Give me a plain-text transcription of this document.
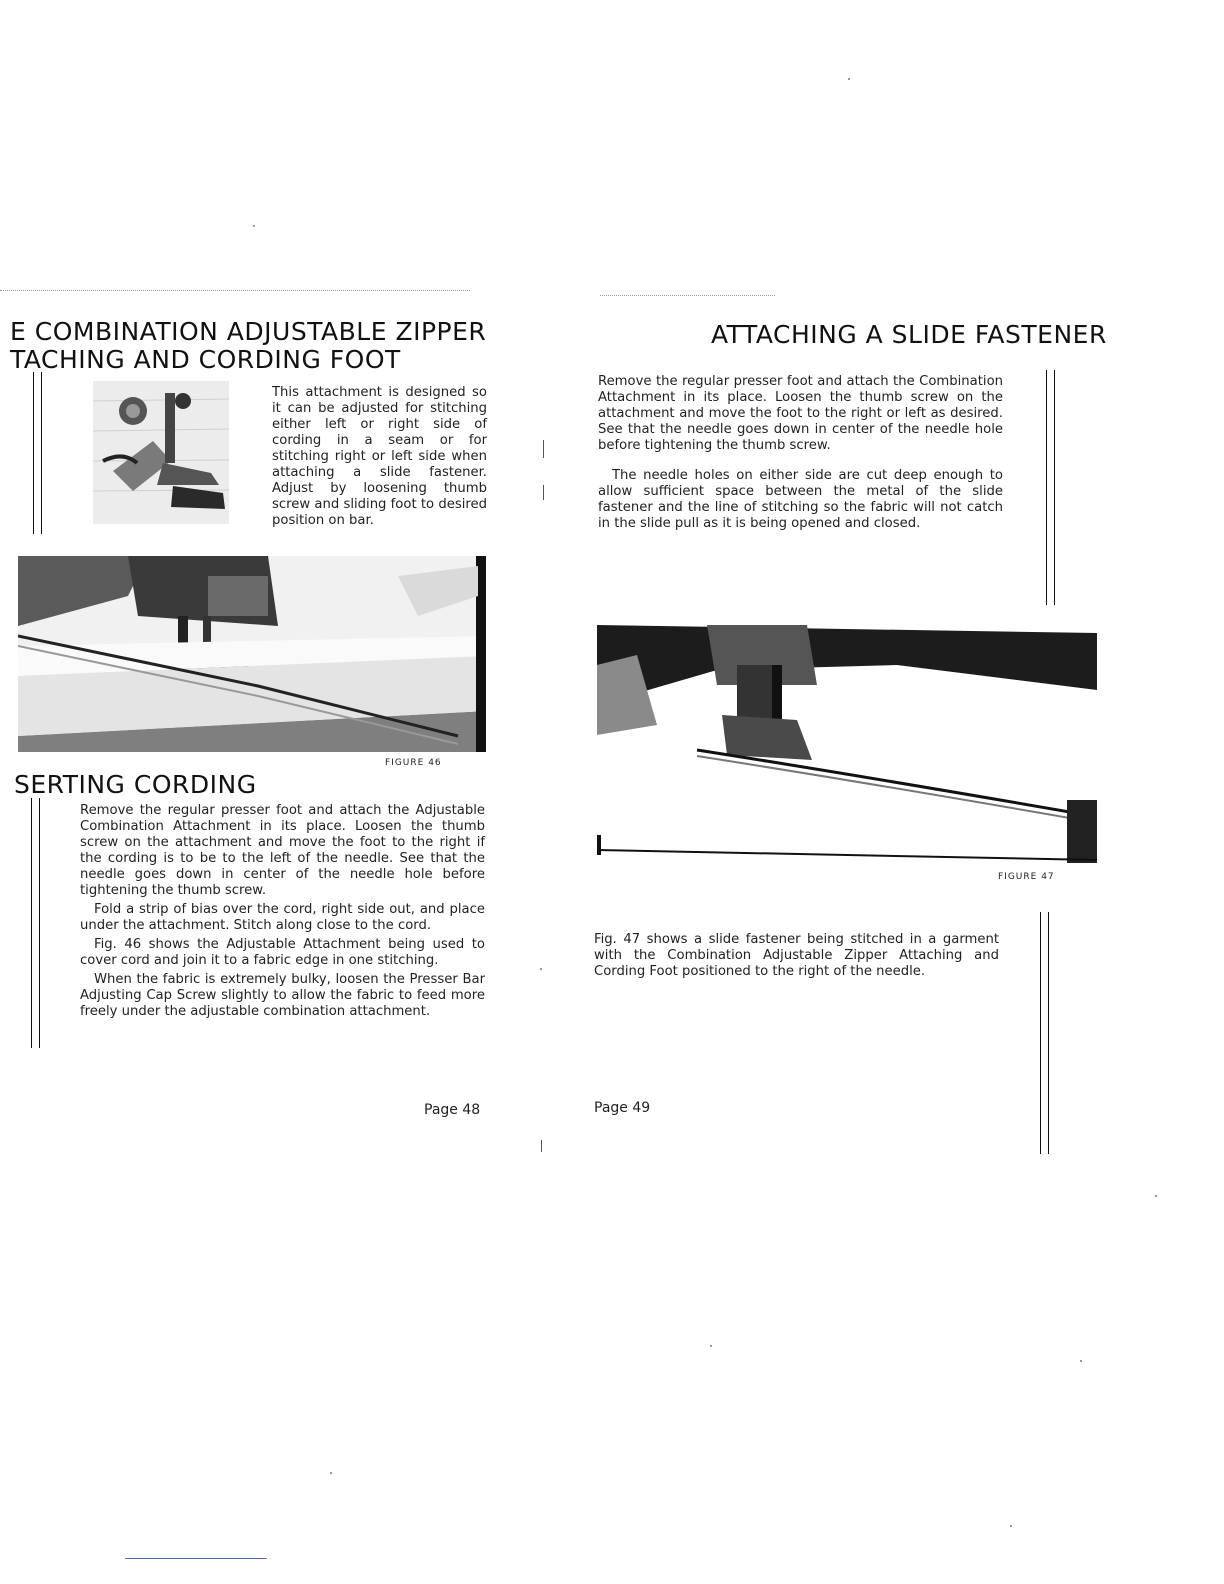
E COMBINATION ADJUSTABLE ZIPPER
TACHING AND CORDING FOOT

This attachment is designed so it can be adjusted for stitching either left or right side of cording in a seam or for stitching right or left side when attaching a slide fastener. Adjust by loosening thumb screw and sliding foot to desired position on bar.

FIGURE 46
SERTING CORDING

Remove the regular presser foot and attach the Adjustable Combination Attachment in its place. Loosen the thumb screw on the attachment and move the foot to the right if the cording is to be to the left of the needle. See that the needle goes down in center of the needle hole before tightening the thumb screw.

Fold a strip of bias over the cord, right side out, and place under the attachment. Stitch along close to the cord.

Fig. 46 shows the Adjustable Attachment being used to cover cord and join it to a fabric edge in one stitching.

When the fabric is extremely bulky, loosen the Presser Bar Adjusting Cap Screw slightly to allow the fabric to feed more freely under the adjustable combination attachment.

Page 48
ATTACHING A SLIDE FASTENER

Remove the regular presser foot and attach the Combination Attachment in its place. Loosen the thumb screw on the attachment and move the foot to the right or left as desired. See that the needle goes down in center of the needle hole before tightening the thumb screw.

The needle holes on either side are cut deep enough to allow sufficient space between the metal of the slide fastener and the line of stitching so the fabric will not catch in the slide pull as it is being opened and closed.

FIGURE 47

Fig. 47 shows a slide fastener being stitched in a garment with the Combination Adjustable Zipper Attaching and Cording Foot positioned to the right of the needle.

Page 49
